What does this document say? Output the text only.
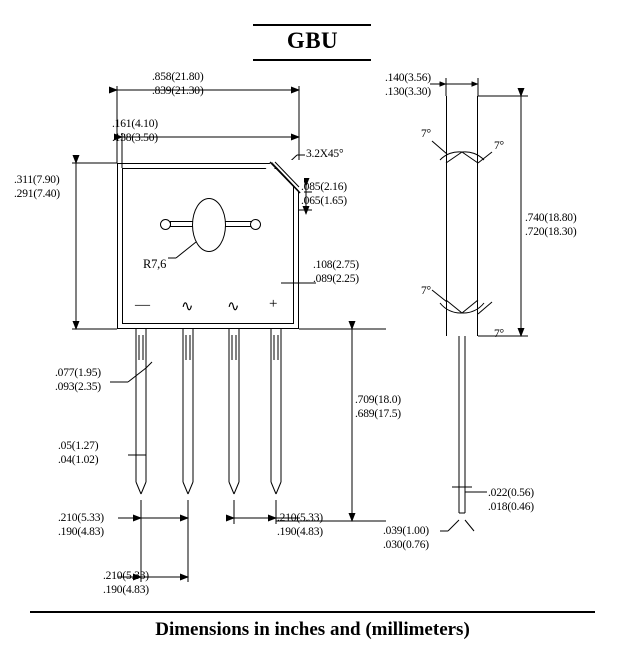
GBU
— ∿ ∿ +
.858(21.80)
.839(21.30)
.161(4.10)
.138(3.50)
.311(7.90)
.291(7.40)
3.2X45°
.085(2.16)
.065(1.65)
R7,6	.108(2.75)
.089(2.25)
.077(1.95)
.093(2.35)
.05(1.27)
.04(1.02)
.210(5.33)
.190(4.83)
.210(5.33)
.190(4.83)
.210(5.33)
.190(4.83)
.709(18.0)
.689(17.5)
.140(3.56)
.130(3.30)
7°
7°
7°
7°
.740(18.80)
.720(18.30)
.022(0.56)
.018(0.46)
.039(1.00)
.030(0.76)
Dimensions in inches and (millimeters)
